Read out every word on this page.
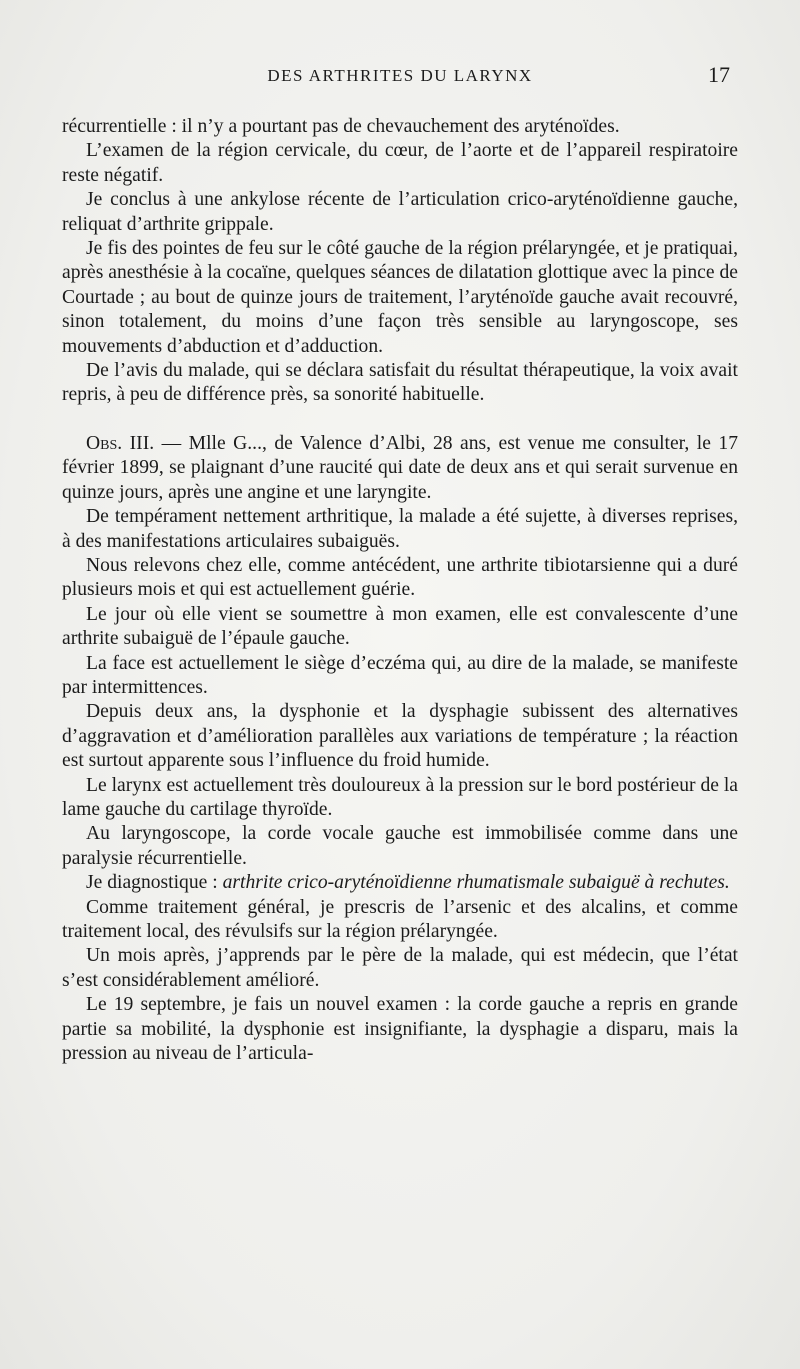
DES ARTHRITES DU LARYNX	17

récurrentielle : il n’y a pourtant pas de chevauchement des aryténoïdes.

L’examen de la région cervicale, du cœur, de l’aorte et de l’appareil respiratoire reste négatif.

Je conclus à une ankylose récente de l’articulation crico-aryténoïdienne gauche, reliquat d’arthrite grippale.

Je fis des pointes de feu sur le côté gauche de la région prélaryngée, et je pratiquai, après anesthésie à la cocaïne, quelques séances de dilatation glottique avec la pince de Courtade ; au bout de quinze jours de traitement, l’aryténoïde gauche avait recouvré, sinon totalement, du moins d’une façon très sensible au laryngoscope, ses mouvements d’abduction et d’adduction.

De l’avis du malade, qui se déclara satisfait du résultat thérapeutique, la voix avait repris, à peu de différence près, sa sonorité habituelle.

Obs. III. — Mlle G..., de Valence d’Albi, 28 ans, est venue me consulter, le 17 février 1899, se plaignant d’une raucité qui date de deux ans et qui serait survenue en quinze jours, après une angine et une laryngite.

De tempérament nettement arthritique, la malade a été sujette, à diverses reprises, à des manifestations articulaires subaiguës.

Nous relevons chez elle, comme antécédent, une arthrite tibiotarsienne qui a duré plusieurs mois et qui est actuellement guérie.

Le jour où elle vient se soumettre à mon examen, elle est convalescente d’une arthrite subaiguë de l’épaule gauche.

La face est actuellement le siège d’eczéma qui, au dire de la malade, se manifeste par intermittences.

Depuis deux ans, la dysphonie et la dysphagie subissent des alternatives d’aggravation et d’amélioration parallèles aux variations de température ; la réaction est surtout apparente sous l’influence du froid humide.

Le larynx est actuellement très douloureux à la pression sur le bord postérieur de la lame gauche du cartilage thyroïde.

Au laryngoscope, la corde vocale gauche est immobilisée comme dans une paralysie récurrentielle.

Je diagnostique : arthrite crico-aryténoïdienne rhumatismale subaiguë à rechutes.

Comme traitement général, je prescris de l’arsenic et des alcalins, et comme traitement local, des révulsifs sur la région prélaryngée.

Un mois après, j’apprends par le père de la malade, qui est médecin, que l’état s’est considérablement amélioré.

Le 19 septembre, je fais un nouvel examen : la corde gauche a repris en grande partie sa mobilité, la dysphonie est insignifiante, la dysphagie a disparu, mais la pression au niveau de l’articula-
